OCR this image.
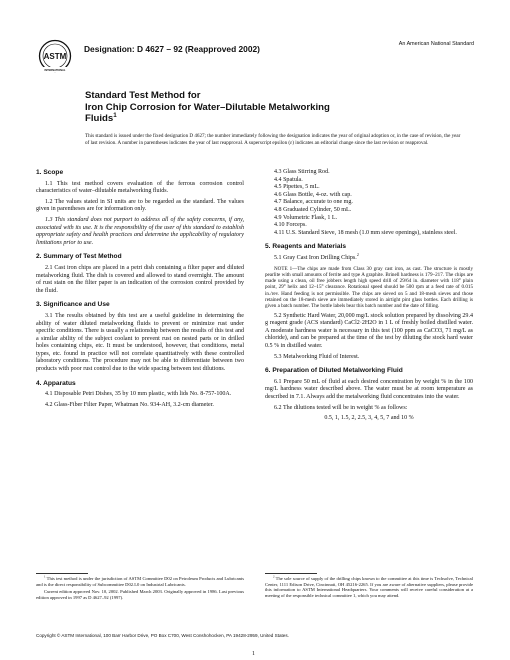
ASTM
INTERNATIONAL
Designation: D 4627 – 92 (Reapproved 2002)	An American National Standard
Standard Test Method for
Iron Chip Corrosion for Water–Dilutable Metalworking
Fluids$^1$
This standard is issued under the fixed designation D 4627; the number immediately following the designation indicates the year of original adoption or, in the case of revision, the year of last revision. A number in parentheses indicates the year of last reapproval. A superscript epsilon (ε) indicates an editorial change since the last revision or reapproval.
1. Scope

1.1 This test method covers evaluation of the ferrous corrosion control characteristics of water–dilutable metalworking fluids.

1.2 The values stated in SI units are to be regarded as the standard. The values given in parentheses are for information only.

1.3 This standard does not purport to address all of the safety concerns, if any, associated with its use. It is the responsibility of the user of this standard to establish appropriate safety and health practices and determine the applicability of regulatory limitations prior to use.

2. Summary of Test Method

2.1 Cast iron chips are placed in a petri dish containing a filter paper and diluted metalworking fluid. The dish is covered and allowed to stand overnight. The amount of rust stain on the filter paper is an indication of the corrosion control provided by the fluid.

3. Significance and Use

3.1 The results obtained by this test are a useful guideline in determining the ability of water diluted metalworking fluids to prevent or minimize rust under specific conditions. There is usually a relationship between the results of this test and a similar ability of the subject coolant to prevent rust on nested parts or in drilled holes containing chips, etc. It must be understood, however, that conditions, metal types, etc. found in practice will not correlate quantitatively with these controlled laboratory conditions. The procedure may not be able to differentiate between two products with poor rust control due to the wide spacing between test dilutions.

4. Apparatus

4.1 Disposable Petri Dishes, 35 by 10 mm plastic, with lids No. 8-757-100A.

4.2 Glass-Fiber Filter Paper, Whatman No. 934-AH, 3.2-cm diameter.

4.3 Glass Stirring Rod.

4.4 Spatula.

4.5 Pipettes, 5 mL.

4.6 Glass Bottle, 4-oz. with cap.

4.7 Balance, accurate to one mg.

4.8 Graduated Cylinder, 50 mL.

4.9 Volumetric Flask, 1 L.

4.10 Forceps.

4.11 U.S. Standard Sieve, 18 mesh (1.0 mm sieve openings), stainless steel.

5. Reagents and Materials

5.1 Gray Cast Iron Drilling Chips.$^2$

NOTE 1—The chips are made from Class 30 gray cast iron, as cast. The structure is mostly pearlite with small amounts of ferrite and type A graphite. Brinell hardness is 179–217. The chips are made using a clean, oil free jobbers length high speed drill of 29/64 in. diameter with 118° plain point, 29° helix and 12–15° clearance. Rotational speed should be 500 rpm at a feed rate of 0.015 in./rev. Hand feeding is not permissible. The chips are sieved on 5 and 18-mesh sieves and those retained on the 18-mesh sieve are immediately stored in airtight pint glass bottles. Each drilling is given a batch number. The bottle labels bear this batch number and the date of filling.

5.2 Synthetic Hard Water, 20,000 mg/L stock solution prepared by dissolving 29.4 g reagent grade (ACS standard) CaCl2·2H2O in 1 L of freshly boiled distilled water. A moderate hardness water is necessary in this test (100 ppm as CaCO3, 71 mg/L as chloride), and can be prepared at the time of the test by diluting the stock hard water 0.5 % in distilled water.

5.3 Metalworking Fluid of Interest.

6. Preparation of Diluted Metalworking Fluid

6.1 Prepare 50 mL of fluid at each desired concentration by weight % in the 100 mg/L hardness water described above. The water must be at room temperature as described in 7.1. Always add the metalworking fluid concentrates into the water.

6.2 The dilutions tested will be in weight % as follows:

0.5, 1, 1.5, 2, 2.5, 3, 4, 5, 7 and 10 %

$^1$ This test method is under the jurisdiction of ASTM Committee D02 on Petroleum Products and Lubricants and is the direct responsibility of Subcommittee D02.L0 on Industrial Lubricants.

Current edition approved Nov. 10, 2002. Published March 2003. Originally approved in 1986. Last previous edition approved in 1997 as D 4627–92 (1997).

$^2$ The sole source of supply of the drilling chips known to the committee at this time is Techsolve, Technical Center, 1111 Edison Drive, Cincinnati, OH 45216-2265. If you are aware of alternative suppliers, please provide this information to ASTM International Headquarters. Your comments will receive careful consideration at a meeting of the responsible technical committee 1, which you may attend.

Copyright © ASTM International, 100 Barr Harbor Drive, PO Box C700, West Conshohocken, PA 19428-2959, United States.
1
